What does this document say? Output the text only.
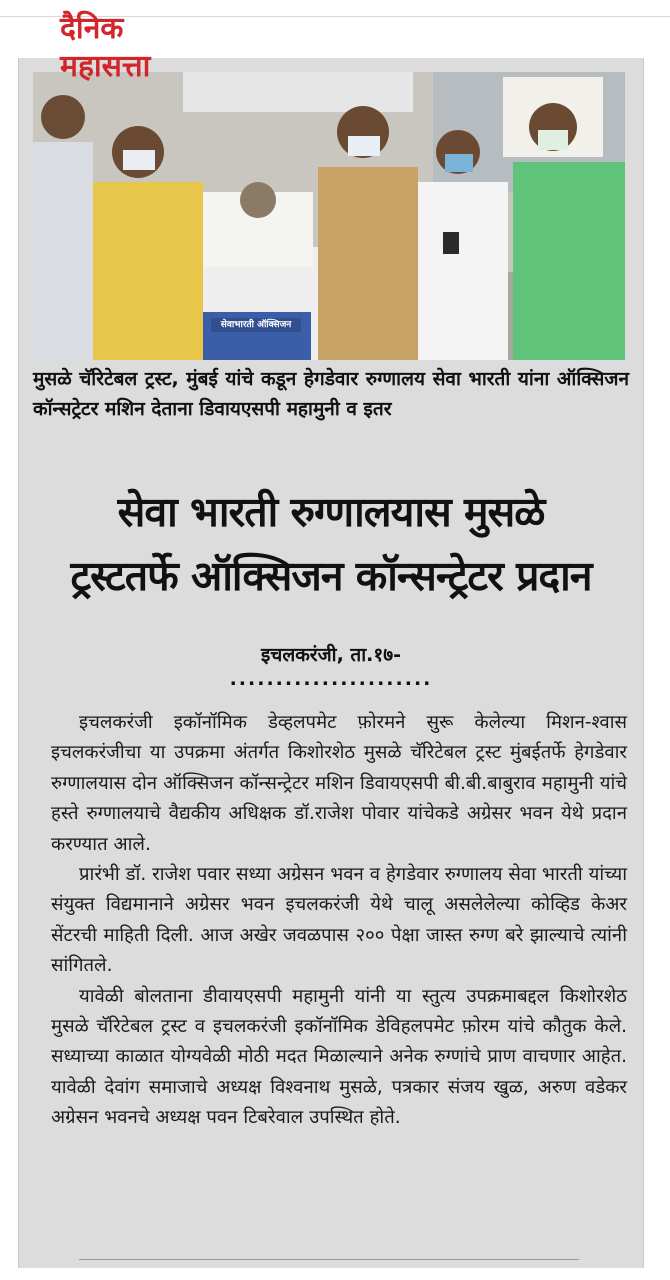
दैनिक महासत्ता
सेवाभारती ऑक्सिजन
मुसळे चॅरिटेबल ट्रस्ट, मुंबई यांचे कडून हेगडेवार रुग्णालय सेवा भारती यांना ऑक्सिजन कॉन्सट्रेटर मशिन देताना डिवायएसपी महामुनी व इतर
सेवा भारती रुग्णालयास मुसळे
ट्रस्टतर्फे ऑक्सिजन कॉन्सन्ट्रेटर प्रदान
इचलकरंजी, ता.१७-
......................

इचलकरंजी इकॉनॉमिक डेव्हलपमेट फ़ोरमने सुरू केलेल्या मिशन-श्वास इचलकरंजीचा या उपक्रमा अंतर्गत किशोरशेठ मुसळे चॅरिटेबल ट्रस्ट मुंबईतर्फे हेगडेवार रुग्णालयास दोन ऑक्सिजन कॉन्सन्ट्रेटर मशिन डिवायएसपी बी.बी.बाबुराव महामुनी यांचे हस्ते रुग्णालयाचे वैद्यकीय अधिक्षक डॉ.राजेश पोवार यांचेकडे अग्रेसर भवन येथे प्रदान करण्यात आले.

प्रारंभी डॉ. राजेश पवार सध्या अग्रेसन भवन व हेगडेवार रुग्णालय सेवा भारती यांच्या संयुक्त विद्यमानाने अग्रेसर भवन इचलकरंजी येथे चालू असलेलेल्या कोव्हिड केअर सेंटरची माहिती दिली. आज अखेर जवळपास २०० पेक्षा जास्त रुग्ण बरे झाल्याचे त्यांनी सांगितले.

यावेळी बोलताना डीवायएसपी महामुनी यांनी या स्तुत्य उपक्रमाबद्दल किशोरशेठ मुसळे चॅरिटेबल ट्रस्ट व इचलकरंजी इकॉनॉमिक डेविहलपमेट फ़ोरम यांचे कौतुक केले. सध्याच्या काळात योग्यवेळी मोठी मदत मिळाल्याने अनेक रुग्णांचे प्राण वाचणार आहेत. यावेळी देवांग समाजाचे अध्यक्ष विश्वनाथ मुसळे, पत्रकार संजय खुळ, अरुण वडेकर अग्रेसन भवनचे अध्यक्ष पवन टिबरेवाल उपस्थित होते.
